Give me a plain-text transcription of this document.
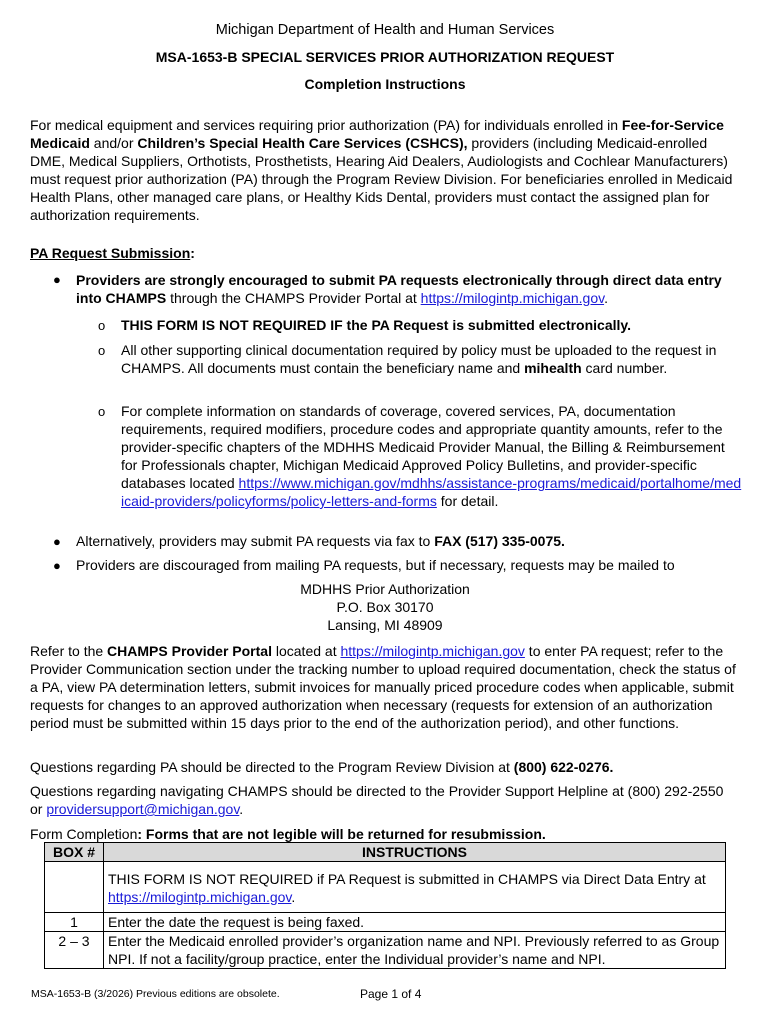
Michigan Department of Health and Human Services
MSA-1653-B SPECIAL SERVICES PRIOR AUTHORIZATION REQUEST
Completion Instructions
For medical equipment and services requiring prior authorization (PA) for individuals enrolled in Fee-for-Service Medicaid and/or Children’s Special Health Care Services (CSHCS), providers (including Medicaid-enrolled DME, Medical Suppliers, Orthotists, Prosthetists, Hearing Aid Dealers, Audiologists and Cochlear Manufacturers) must request prior authorization (PA) through the Program Review Division. For beneficiaries enrolled in Medicaid Health Plans, other managed care plans, or Healthy Kids Dental, providers must contact the assigned plan for authorization requirements.
PA Request Submission:
● Providers are strongly encouraged to submit PA requests electronically through direct data entry into CHAMPS through the CHAMPS Provider Portal at https://milogintp.michigan.gov.
o THIS FORM IS NOT REQUIRED IF the PA Request is submitted electronically.
o All other supporting clinical documentation required by policy must be uploaded to the request in CHAMPS. All documents must contain the beneficiary name and mihealth card number.
o For complete information on standards of coverage, covered services, PA, documentation requirements, required modifiers, procedure codes and appropriate quantity amounts, refer to the provider-specific chapters of the MDHHS Medicaid Provider Manual, the Billing & Reimbursement for Professionals chapter, Michigan Medicaid Approved Policy Bulletins, and provider-specific databases located https://www.michigan.gov/mdhhs/assistance-programs/medicaid/portalhome/medicaid-providers/policyforms/policy-letters-and-forms for detail.
● Alternatively, providers may submit PA requests via fax to FAX (517) 335-0075.
● Providers are discouraged from mailing PA requests, but if necessary, requests may be mailed to
MDHHS Prior Authorization
P.O. Box 30170
Lansing, MI 48909
Refer to the CHAMPS Provider Portal located at https://milogintp.michigan.gov to enter PA request; refer to the Provider Communication section under the tracking number to upload required documentation, check the status of a PA, view PA determination letters, submit invoices for manually priced procedure codes when applicable, submit requests for changes to an approved authorization when necessary (requests for extension of an authorization period must be submitted within 15 days prior to the end of the authorization period), and other functions.
Questions regarding PA should be directed to the Program Review Division at (800) 622-0276.
Questions regarding navigating CHAMPS should be directed to the Provider Support Helpline at (800) 292-2550 or providersupport@michigan.gov.
Form Completion: Forms that are not legible will be returned for resubmission.
BOX #	INSTRUCTIONS
	THIS FORM IS NOT REQUIRED if PA Request is submitted in CHAMPS via Direct Data Entry at https://milogintp.michigan.gov.
1	Enter the date the request is being faxed.
2 – 3	Enter the Medicaid enrolled provider’s organization name and NPI. Previously referred to as Group NPI. If not a facility/group practice, enter the Individual provider’s name and NPI.
MSA-1653-B (3/2026) Previous editions are obsolete.	Page 1 of 4
